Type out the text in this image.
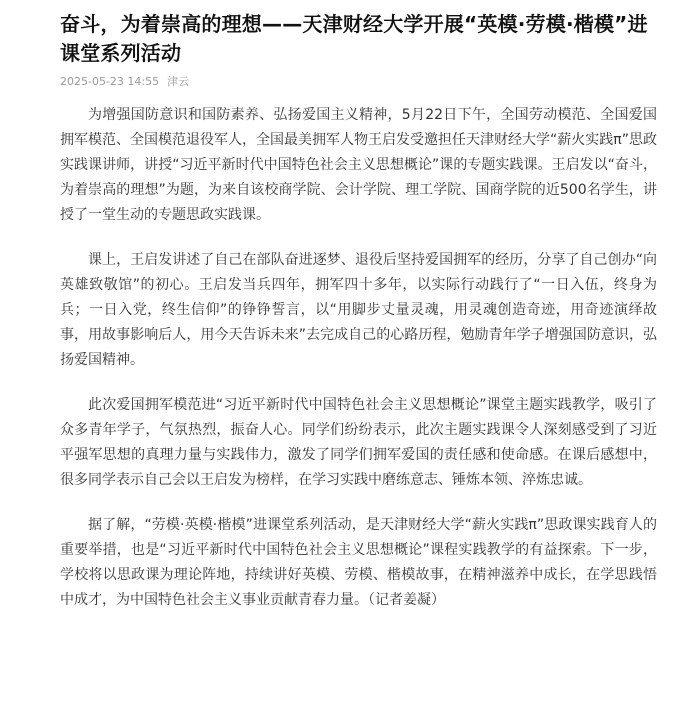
奋斗，为着崇高的理想——天津财经大学开展“英模·劳模·楷模”进课堂系列活动
2025-05-23 14:55 津云

为增强国防意识和国防素养、弘扬爱国主义精神，5月22日下午，全国劳动模范、全国爱国拥军模范、全国模范退役军人，全国最美拥军人物王启发受邀担任天津财经大学“薪火实践π”思政实践课讲师，讲授“习近平新时代中国特色社会主义思想概论”课的专题实践课。王启发以“奋斗，为着崇高的理想”为题，为来自该校商学院、会计学院、理工学院、国商学院的近500名学生，讲授了一堂生动的专题思政实践课。

课上，王启发讲述了自己在部队奋进逐梦、退役后坚持爱国拥军的经历，分享了自己创办“向英雄致敬馆”的初心。王启发当兵四年，拥军四十多年，以实际行动践行了“一日入伍，终身为兵；一日入党，终生信仰”的铮铮誓言，以“用脚步丈量灵魂，用灵魂创造奇迹，用奇迹演绎故事，用故事影响后人，用今天告诉未来”去完成自己的心路历程，勉励青年学子增强国防意识，弘扬爱国精神。

此次爱国拥军模范进“习近平新时代中国特色社会主义思想概论”课堂主题实践教学，吸引了众多青年学子，气氛热烈，振奋人心。同学们纷纷表示，此次主题实践课令人深刻感受到了习近平强军思想的真理力量与实践伟力，激发了同学们拥军爱国的责任感和使命感。在课后感想中，很多同学表示自己会以王启发为榜样，在学习实践中磨练意志、锤炼本领、淬炼忠诚。

据了解，“劳模·英模·楷模”进课堂系列活动，是天津财经大学“薪火实践π”思政课实践育人的重要举措，也是“习近平新时代中国特色社会主义思想概论”课程实践教学的有益探索。下一步，学校将以思政课为理论阵地，持续讲好英模、劳模、楷模故事，在精神滋养中成长，在学思践悟中成才，为中国特色社会主义事业贡献青春力量。（记者姜凝）
